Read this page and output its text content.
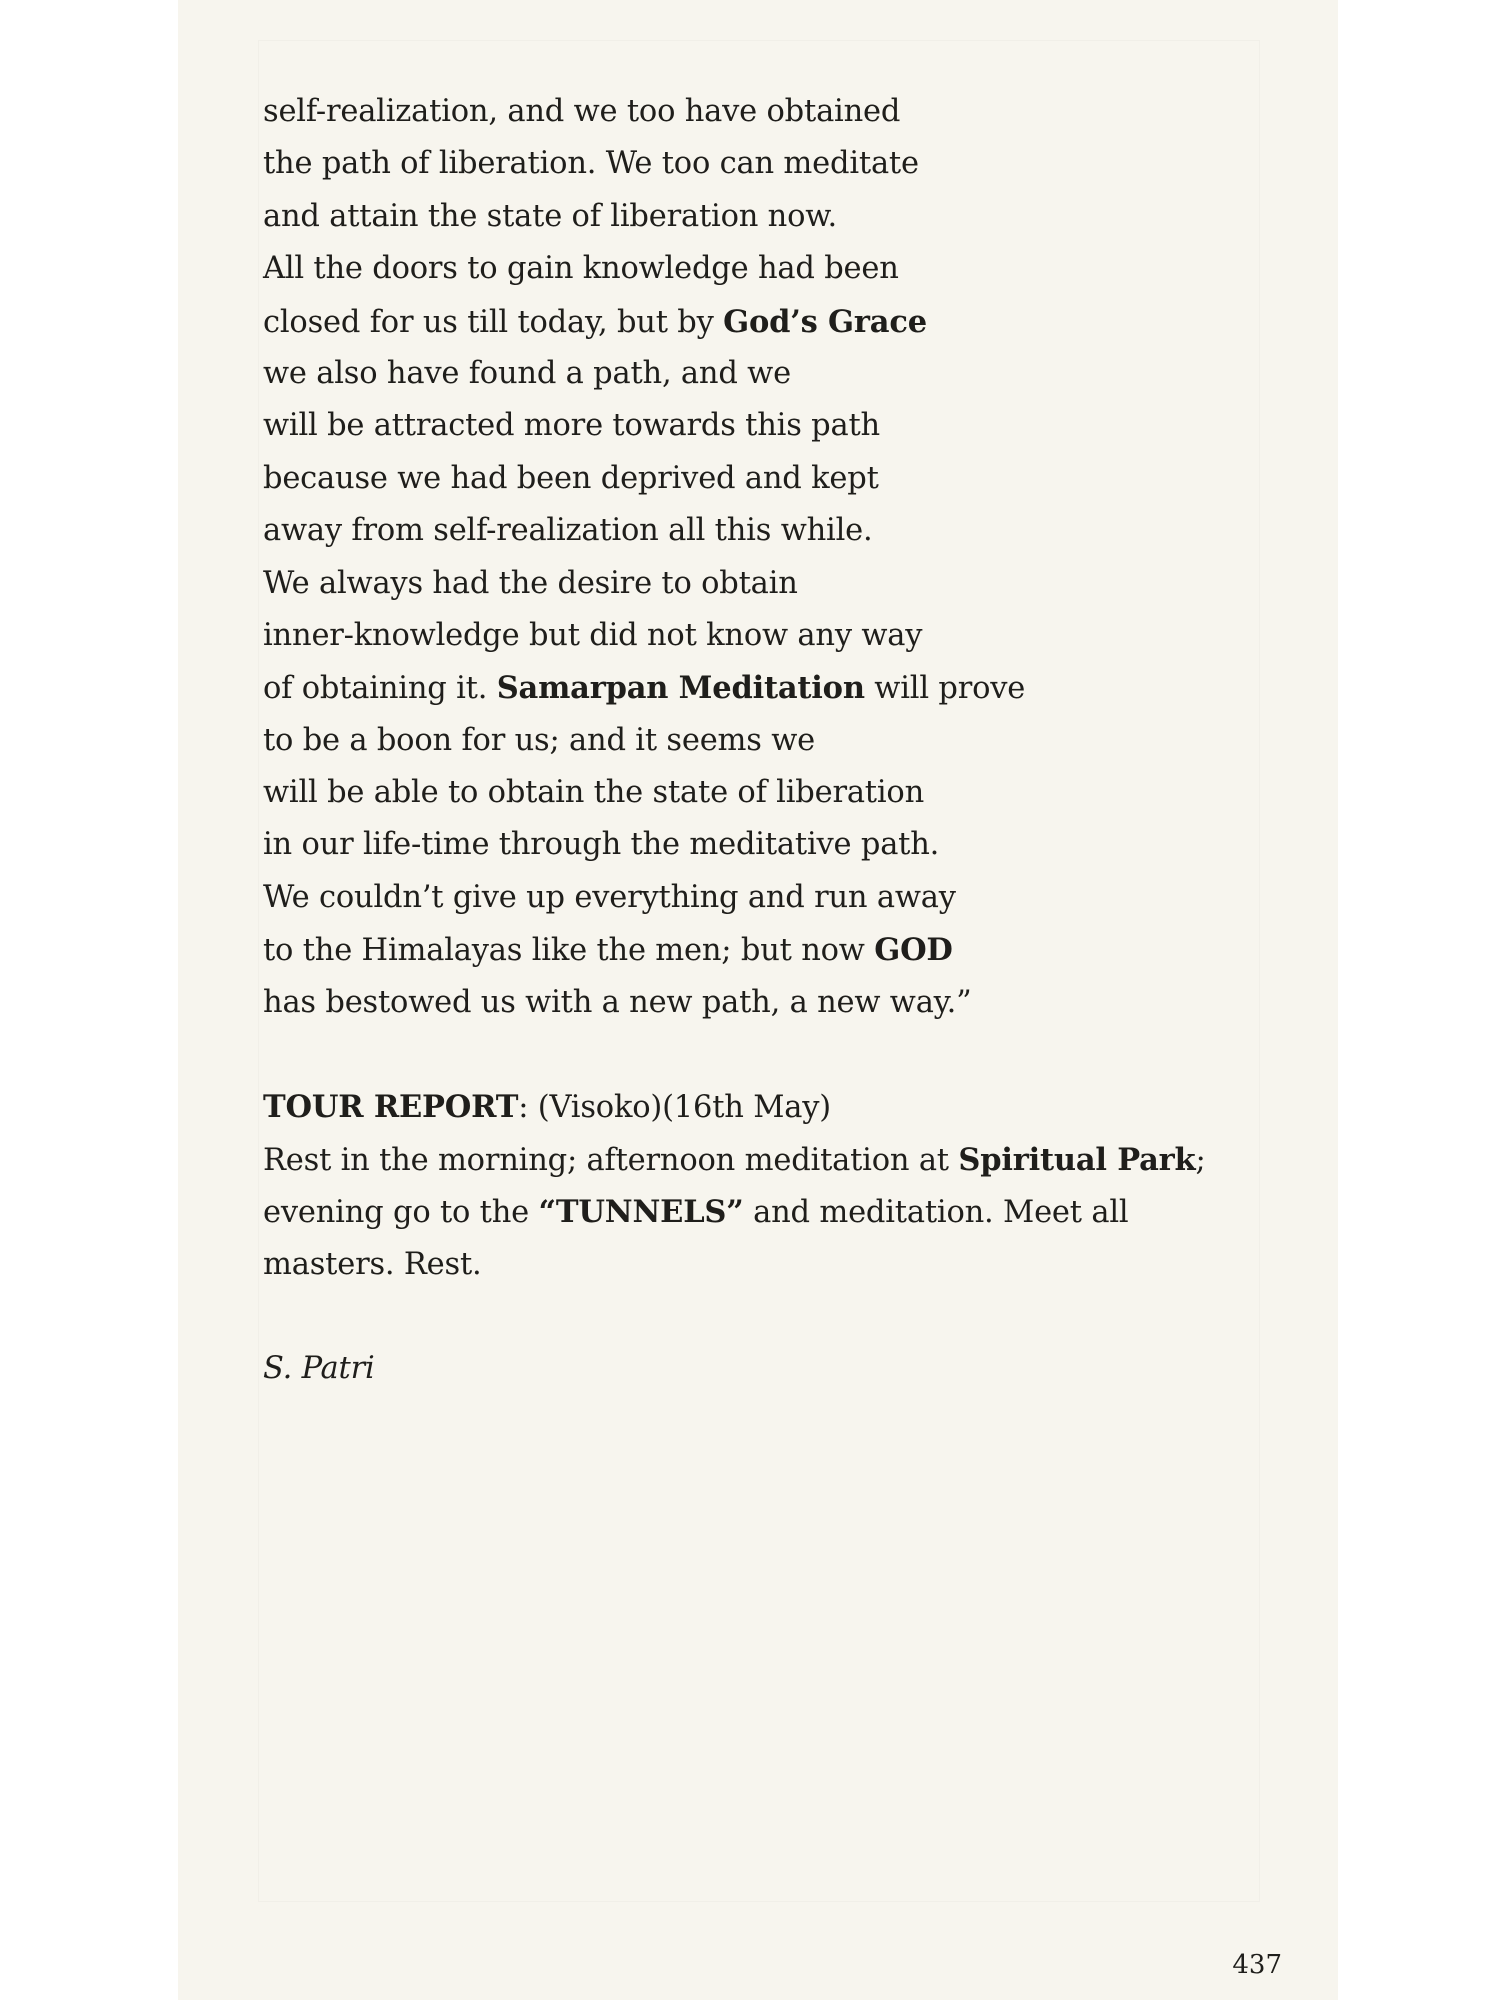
self-realization, and we too have obtained
the path of liberation. We too can meditate
and attain the state of liberation now.
All the doors to gain knowledge had been
closed for us till today, but by God’s Grace
we also have found a path, and we
will be attracted more towards this path
because we had been deprived and kept
away from self-realization all this while.
We always had the desire to obtain
inner-knowledge but did not know any way
of obtaining it. Samarpan Meditation will prove
to be a boon for us; and it seems we
will be able to obtain the state of liberation
in our life-time through the meditative path.
We couldn’t give up everything and run away
to the Himalayas like the men; but now GOD
has bestowed us with a new path, a new way.”
TOUR REPORT: (Visoko)(16th May)
Rest in the morning; afternoon meditation at Spiritual Park;
evening go to the “TUNNELS” and meditation. Meet all
masters. Rest.
S. Patri
437
